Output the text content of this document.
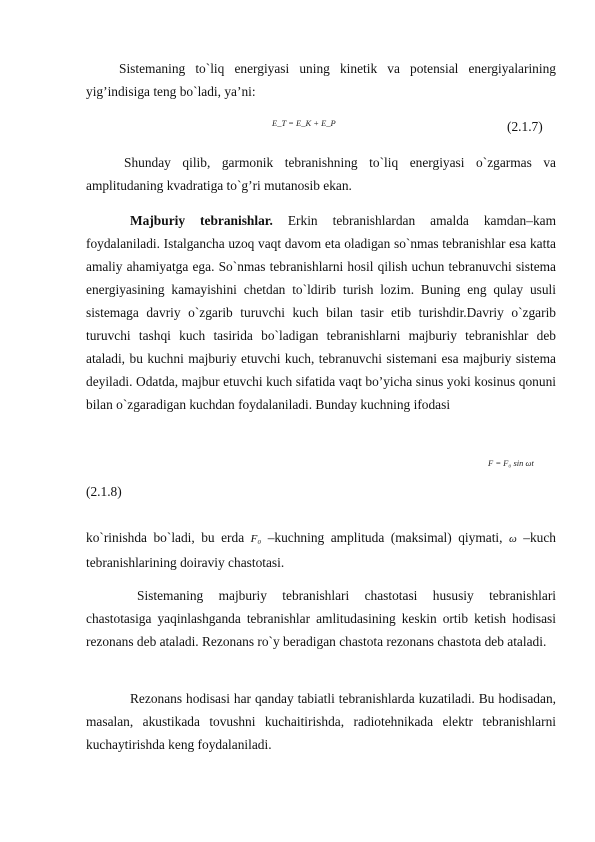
Sistemaning to`liq energiyasi uning kinetik va potensial energiyalarining yig’indisiga teng bo`ladi, ya’ni:

E_T = E_K + E_P	(2.1.7)

Shunday qilib, garmonik tebranishning to`liq energiyasi o`zgarmas va amplitudaning kvadratiga to`g’ri mutanosib ekan.

Majburiy tebranishlar. Erkin tebranishlardan amalda kamdan–kam foydalaniladi. Istalgancha uzoq vaqt davom eta oladigan so`nmas tebranishlar esa katta amaliy ahamiyatga ega. So`nmas tebranishlarni hosil qilish uchun tebranuvchi sistema energiyasining kamayishini chetdan to`ldirib turish lozim. Buning eng qulay usuli sistemaga davriy o`zgarib turuvchi kuch bilan tasir etib turishdir.Davriy o`zgarib turuvchi tashqi kuch tasirida bo`ladigan tebranishlarni majburiy tebranishlar deb ataladi, bu kuchni majburiy etuvchi kuch, tebranuvchi sistemani esa majburiy sistema deyiladi. Odatda, majbur etuvchi kuch sifatida vaqt bo’yicha sinus yoki kosinus qonuni bilan o`zgaradigan kuchdan foydalaniladi. Bunday kuchning ifodasi

F = F₀ sin ωt
(2.1.8)

ko`rinishda bo`ladi, bu erda F₀ –kuchning amplituda (maksimal) qiymati, ω –kuch tebranishlarining doiraviy chastotasi.

Sistemaning majburiy tebranishlari chastotasi hususiy tebranishlari chastotasiga yaqinlashganda tebranishlar amlitudasining keskin ortib ketish hodisasi rezonans deb ataladi. Rezonans ro`y beradigan chastota rezonans chastota deb ataladi.

Rezonans hodisasi har qanday tabiatli tebranishlarda kuzatiladi. Bu hodisadan, masalan, akustikada tovushni kuchaitirishda, radiotehnikada elektr tebranishlarni kuchaytirishda keng foydalaniladi.
